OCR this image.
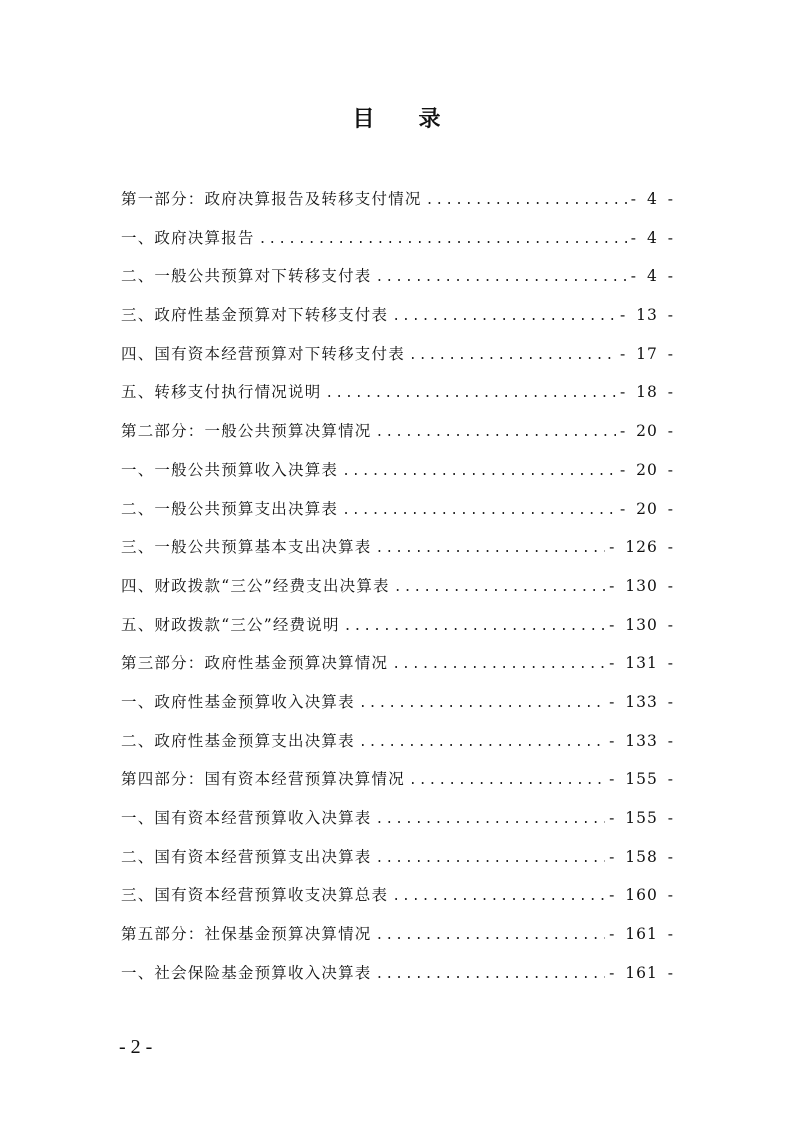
目录
第一部分：政府决算报告及转移支付情况 .....	- 4 -
一、政府决算报告 .....	- 4 -
二、一般公共预算对下转移支付表 .....	- 4 -
三、政府性基金预算对下转移支付表 .....	- 13 -
四、国有资本经营预算对下转移支付表 .....	- 17 -
五、转移支付执行情况说明 .....	- 18 -
第二部分：一般公共预算决算情况 .....	- 20 -
一、一般公共预算收入决算表 .....	- 20 -
二、一般公共预算支出决算表 .....	- 20 -
三、一般公共预算基本支出决算表 .....	- 126 -
四、财政拨款“三公”经费支出决算表 .....	- 130 -
五、财政拨款“三公”经费说明 .....	- 130 -
第三部分：政府性基金预算决算情况 .....	- 131 -
一、政府性基金预算收入决算表 .....	- 133 -
二、政府性基金预算支出决算表 .....	- 133 -
第四部分：国有资本经营预算决算情况 .....	- 155 -
一、国有资本经营预算收入决算表 .....	- 155 -
二、国有资本经营预算支出决算表 .....	- 158 -
三、国有资本经营预算收支决算总表 .....	- 160 -
第五部分：社保基金预算决算情况 .....	- 161 -
一、社会保险基金预算收入决算表 .....	- 161 -
- 2 -
